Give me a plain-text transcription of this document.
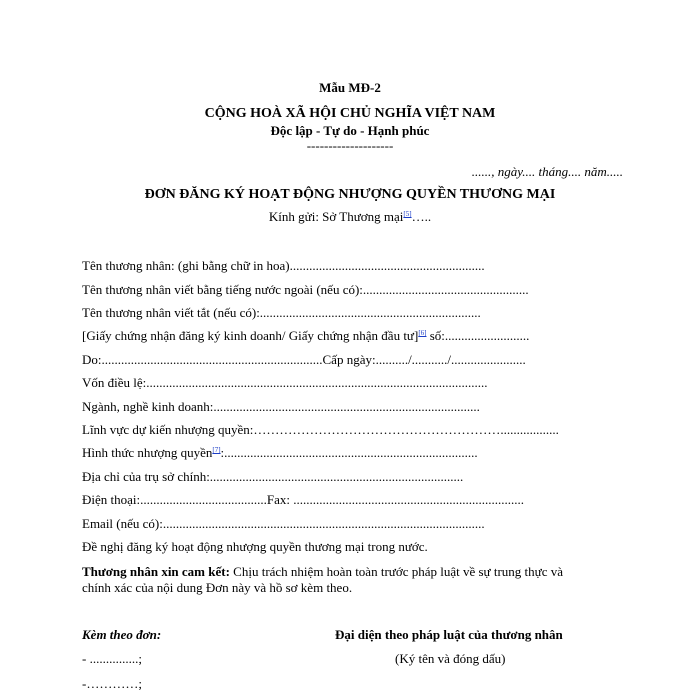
Mẫu MĐ-2
CỘNG HOÀ XÃ HỘI CHỦ NGHĨA VIỆT NAM
Độc lập - Tự do - Hạnh phúc
--------------------
......, ngày.... tháng.... năm.....
ĐƠN ĐĂNG KÝ HOẠT ĐỘNG NHƯỢNG QUYỀN THƯƠNG MẠI
Kính gửi: Sở Thương mại[5]…..
Tên thương nhân: (ghi bằng chữ in hoa)............................................................
Tên thương nhân viết bằng tiếng nước ngoài (nếu có):...................................................
Tên thương nhân viết tắt (nếu có):....................................................................
[Giấy chứng nhận đăng ký kinh doanh/ Giấy chứng nhận đầu tư][6] số:..........................
Do:....................................................................Cấp ngày:........../.........../.......................
Vốn điều lệ:.........................................................................................................
Ngành, nghề kinh doanh:..................................................................................
Lĩnh vực dự kiến nhượng quyền:…………………………………………………..................
Hình thức nhượng quyền[7]:..............................................................................
Địa chỉ của trụ sở chính:..............................................................................
Điện thoại:.......................................Fax: .......................................................................
Email (nếu có):...................................................................................................
Đề nghị đăng ký hoạt động nhượng quyền thương mại trong nước.
Thương nhân xin cam kết: Chịu trách nhiệm hoàn toàn trước pháp luật về sự trung thực và
chính xác của nội dung Đơn này và hồ sơ kèm theo.
Kèm theo đơn:
- ...............;
-…………;
Đại diện theo pháp luật của thương nhân
(Ký tên và đóng dấu)
